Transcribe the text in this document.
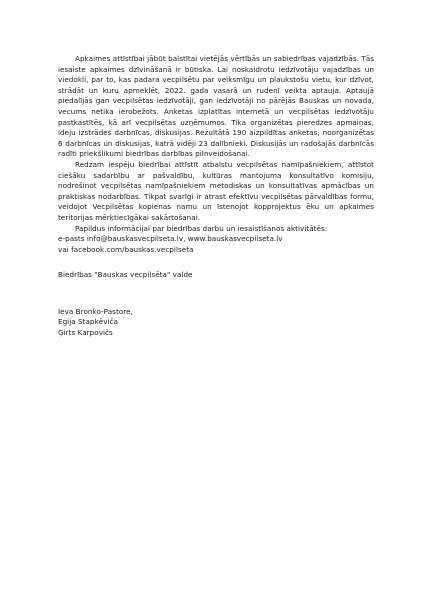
Apkaimes attīstībai jābūt balstītai vietējās vērtībās un sabiedrības vajadzībās. Tās iesaiste apkaimes dzīvināšanā ir būtiska. Lai noskaidrotu iedzīvotāju vajadzības un viedokli, par to, kas padara vecpilsētu par veiksmīgu un plaukstošu vietu, kur dzīvot, strādāt un kuru apmeklēt, 2022. gada vasarā un rudenī veikta aptauja. Aptaujā piedalījās gan vecpilsētas iedzīvotāji, gan iedzīvotāji no pārējās Bauskas un novada, vecums netika ierobežots. Anketas izplatītas internetā un vecpilsētas iedzīvotāju pastkastītēs, kā arī vecpilsētas uzņēmumos. Tika organizētas pieredzes apmaiņas, ideju izstrādes darbnīcas, diskusijas. Rezultātā 190 aizpildītas anketas, noorganizētas 6 darbnīcas un diskusijas, katrā vidēji 23 dalībnieki. Diskusijās un radošajās darbnīcās radīti priekšlikumi biedrības darbības pilnveidošanai.

Redzam iespēju biedrībai attīstīt atbalstu vecpilsētas namīpašniekiem, attīstot ciešāku sadarbību ar pašvaldību, kultūras mantojuma konsultatīvo komisiju, nodrošinot vecpilsētas namīpašniekiem metodiskas un konsultatīvas apmācības un praktiskas nodarbības. Tikpat svarīgi ir atrast efektīvu vecpilsētas pārvaldības formu, veidojot Vecpilsētas kopienas namu un īstenojot kopprojektus ēku un apkaimes teritorijas mērķtiecīgākai sakārtošanai.

Papildus informācijai par biedrības darbu un iesaistīšanos aktivitātēs:

e-pasts info@bauskasvecpilseta.lv, www.bauskasvecpilseta.lv
vai facebook.com/bauskas.vecpilseta

Biedrības "Bauskas vecpilsēta" valde

Ieva Bronko-Pastore,
Egija Stapkēviča
Ģirts Karpovičs
